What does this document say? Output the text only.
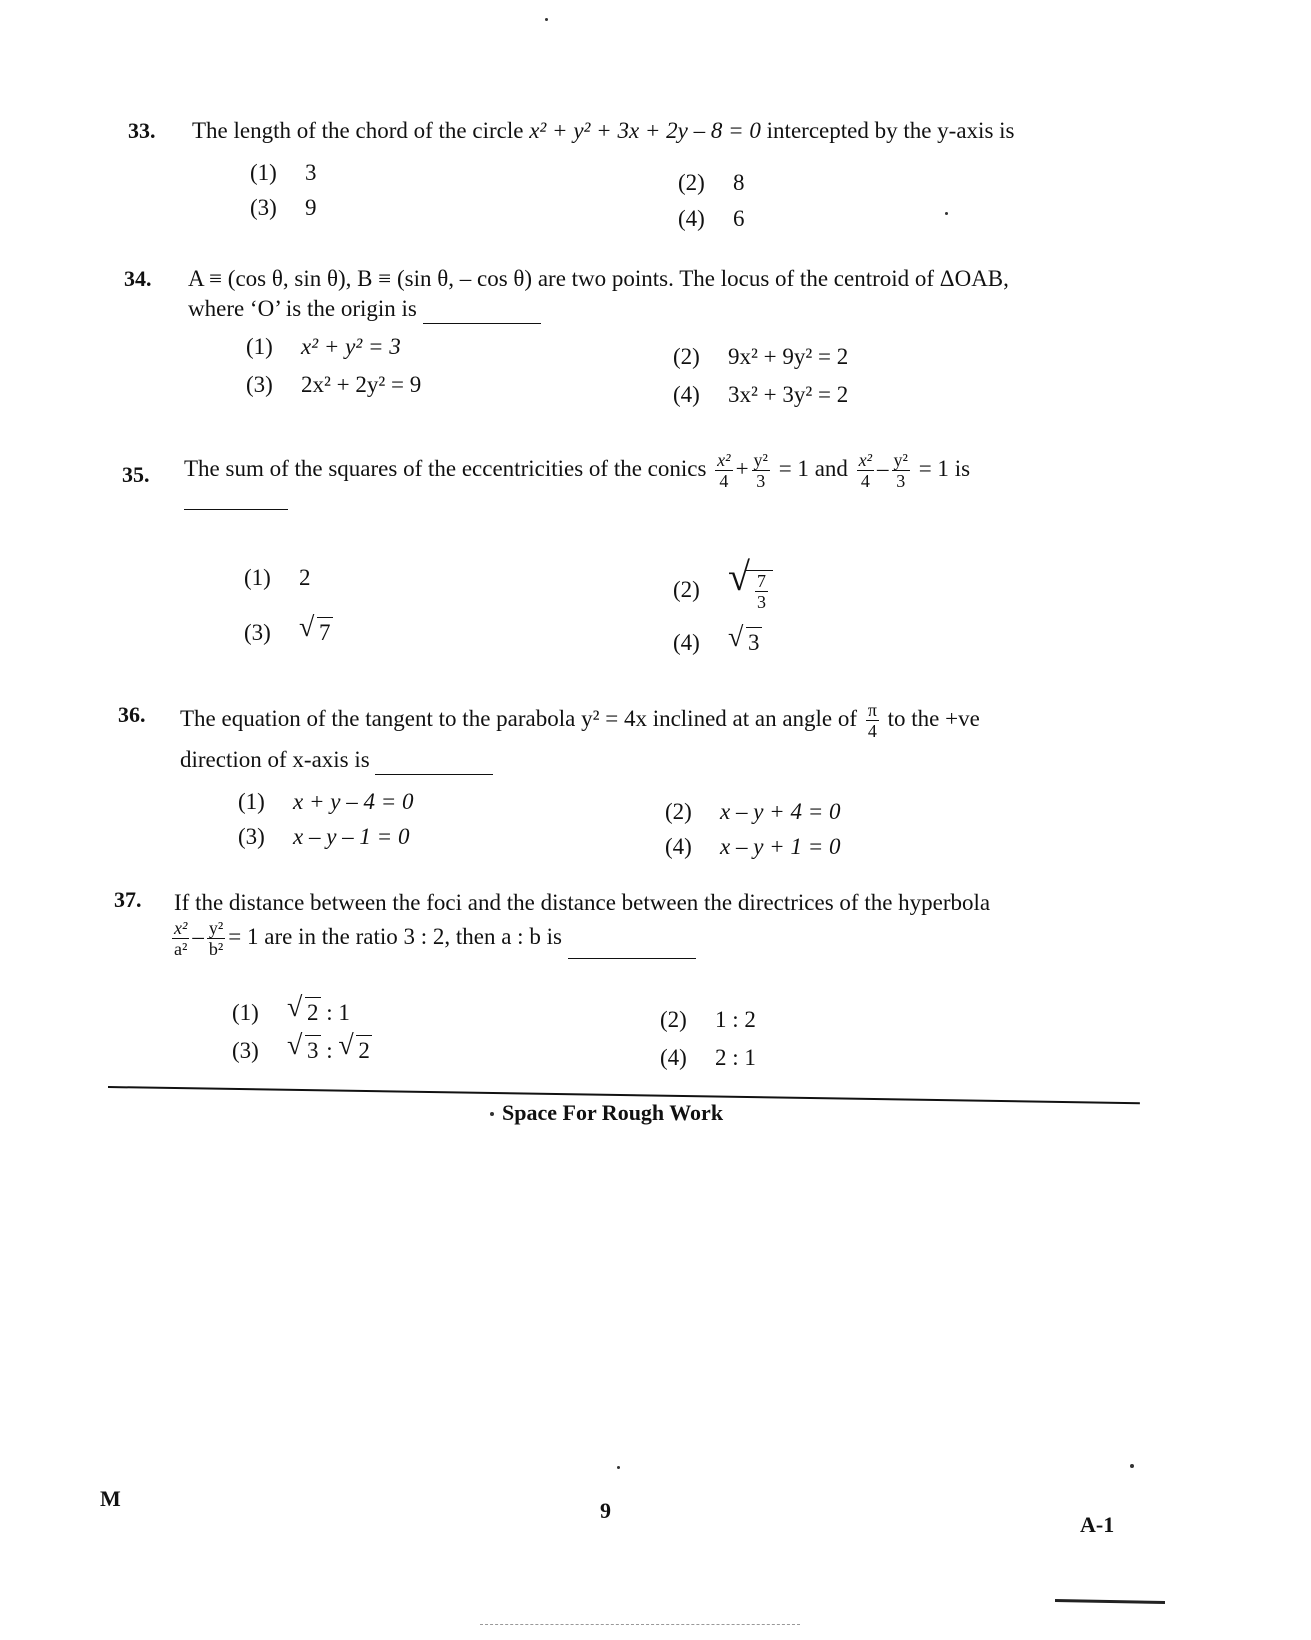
33. The length of the chord of the circle x² + y² + 3x + 2y – 8 = 0 intercepted by the y-axis is
(1) 3	(2) 8
(3) 9	(4) 6
34. A ≡ (cos θ, sin θ), B ≡ (sin θ, – cos θ) are two points. The locus of the centroid of ΔOAB,
where ‘O’ is the origin is
(1) x² + y² = 3	(2) 9x² + 9y² = 2
(3) 2x² + 2y² = 9	(4) 3x² + 3y² = 2
35. The sum of the squares of the eccentricities of the conics $\frac{\text{x²}}{4} + \frac{\text{y²}}{3} = 1$ and $\frac{\text{x²}}{4} - \frac{\text{y²}}{3} = 1$ is
(1) 2	(2) √ $\frac{7}{3}$
(3) √ 7	(4) √ 3
36. The equation of the tangent to the parabola y² = 4x inclined at an angle of $\frac{\pi}{4}$ to the +ve
direction of x-axis is
(1) x + y – 4 = 0	(2) x – y + 4 = 0
(3) x – y – 1 = 0	(4) x – y + 1 = 0
37. If the distance between the foci and the distance between the directrices of the hyperbola
$\frac{\text{x²}}{\text{a²}} - \frac{\text{y²}}{\text{b²}} = 1$ are in the ratio 3 : 2, then a : b is
(1) √ 2 : 1	(2) 1 : 2
(3) √ 3 : √ 2	(4) 2 : 1
Space For Rough Work
M	9
A-1
